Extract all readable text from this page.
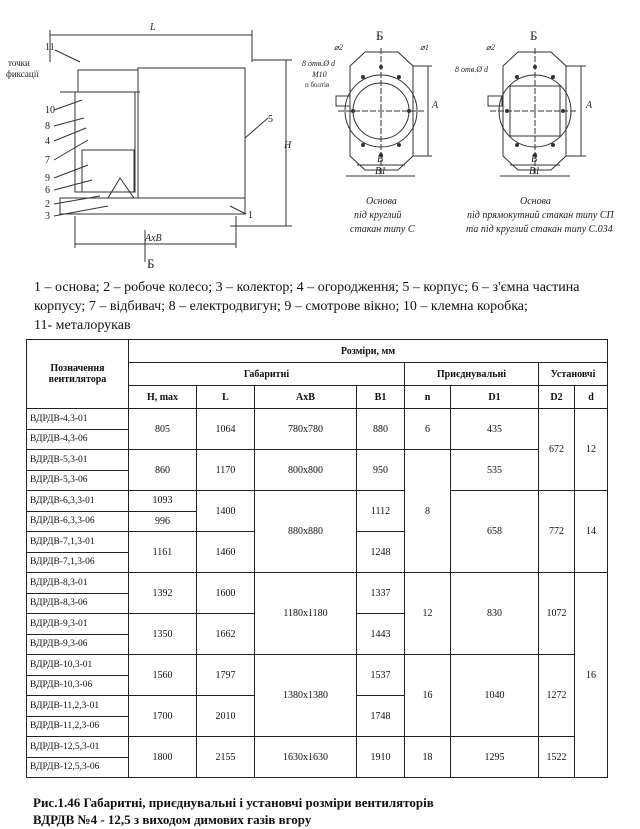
L
H
AxB
Б
точки
фиксації
11
10
8
4
7
9
6
2
3
5
1
Б
⌀2	⌀1
8 отв.Ø d
M10
п болтів
A
B
B1
Основа
під круглий
стакан типу С
Б
⌀2
8 отв.Ø d
A
B
B1
Основа
під прямокутний стакан типу СП
та під круглий стакан типу С.034
1 – основа; 2 – робоче колесо; 3 – колектор; 4 – огородження; 5 – корпус; 6 – з'ємна частина
корпусу; 7 – відбивач; 8 – електродвигун; 9 – смотрове вікно; 10 – клемна коробка;
11- металорукав
Позначення вентилятора	Розміри, мм							
	Габаритні				Приєднувальні		Установчі	
	H, max	L	AxB	B1	n	D1	D2	d
ВДРДВ-4,3-01	805	1064	780x780	880	6	435	672	12
ВДРДВ-4,3-06								
ВДРДВ-5,3-01	860	1170	800x800	950	8	535		
ВДРДВ-5,3-06								
ВДРДВ-6,3,3-01	1093	1400	880x880	1112		658	772	14
ВДРДВ-6,3,3-06	996							
ВДРДВ-7,1,3-01	1161	1460		1248				
ВДРДВ-7,1,3-06								
ВДРДВ-8,3-01	1392	1600	1180x1180	1337	12	830	1072	16
ВДРДВ-8,3-06								
ВДРДВ-9,3-01	1350	1662		1443				
ВДРДВ-9,3-06								
ВДРДВ-10,3-01	1560	1797	1380x1380	1537	16	1040	1272	
ВДРДВ-10,3-06								
ВДРДВ-11,2,3-01	1700	2010		1748				
ВДРДВ-11,2,3-06								
ВДРДВ-12,5,3-01	1800	2155	1630x1630	1910	18	1295	1522	
ВДРДВ-12,5,3-06								
Рис.1.46 Габаритні, приєднувальні і установчі розміри вентиляторів
ВДРДВ №4 - 12,5 з виходом димових газів вгору
